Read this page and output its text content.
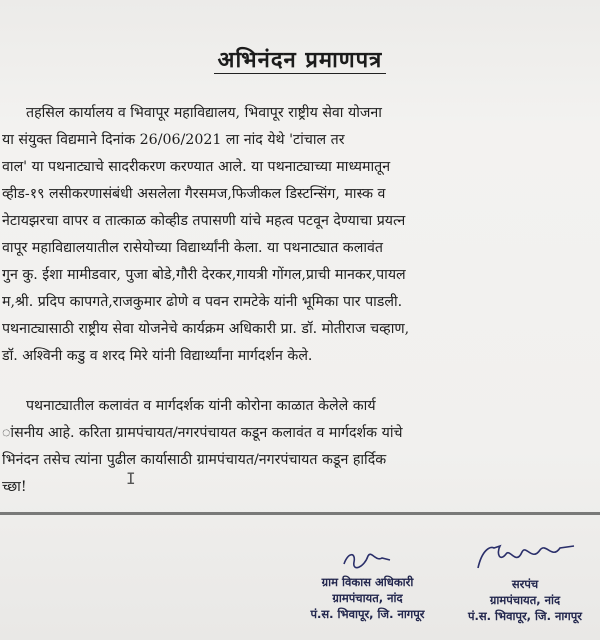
अभिनंदन प्रमाणपत्र
तहसिल कार्यालय व भिवापूर महाविद्यालय, भिवापूर राष्ट्रीय सेवा योजना
या संयुक्त विद्यमाने दिनांक 26/06/2021 ला नांद येथे 'टांचाल तर
वाल' या पथनाट्याचे सादरीकरण करण्यात आले. या पथनाट्याच्या माध्यमातून
व्हीड-१९ लसीकरणासंबंधी असलेला गैरसमज,फिजीकल डिस्टन्सिंग, मास्क व
नेटायझरचा वापर व तात्काळ कोव्हीड तपासणी यांचे महत्व पटवून देण्याचा प्रयत्न
वापूर महाविद्यालयातील रासेयोच्या विद्यार्थ्यांनी केला. या पथनाट्यात कलावंत
गुन कु. ईशा मामीडवार, पुजा बोडे,गौरी देरकर,गायत्री गोंगल,प्राची मानकर,पायल
म,श्री. प्रदिप कापगते,राजकुमार ढोणे व पवन रामटेके यांनी भूमिका पार पाडली.
पथनाट्यासाठी राष्ट्रीय सेवा योजनेचे कार्यक्रम अधिकारी प्रा. डॉ. मोतीराज चव्हाण,
डॉ. अश्विनी कडु व शरद मिरे यांनी विद्यार्थ्यांना मार्गदर्शन केले.
पथनाट्यातील कलावंत व मार्गदर्शक यांनी कोरोना काळात केलेले कार्य
ांसनीय आहे. करिता ग्रामपंचायत/नगरपंचायत कडून कलावंत व मार्गदर्शक यांचे
भिनंदन तसेच त्यांना पुढील कार्यासाठी ग्रामपंचायत/नगरपंचायत कडून हार्दिक
च्छा!	I
ग्राम विकास अधिकारी
ग्रामपंचायत, नांद
पं.स. भिवापूर, जि. नागपूर
सरपंच
ग्रामपंचायत, नांद
पं.स. भिवापूर, जि. नागपूर
